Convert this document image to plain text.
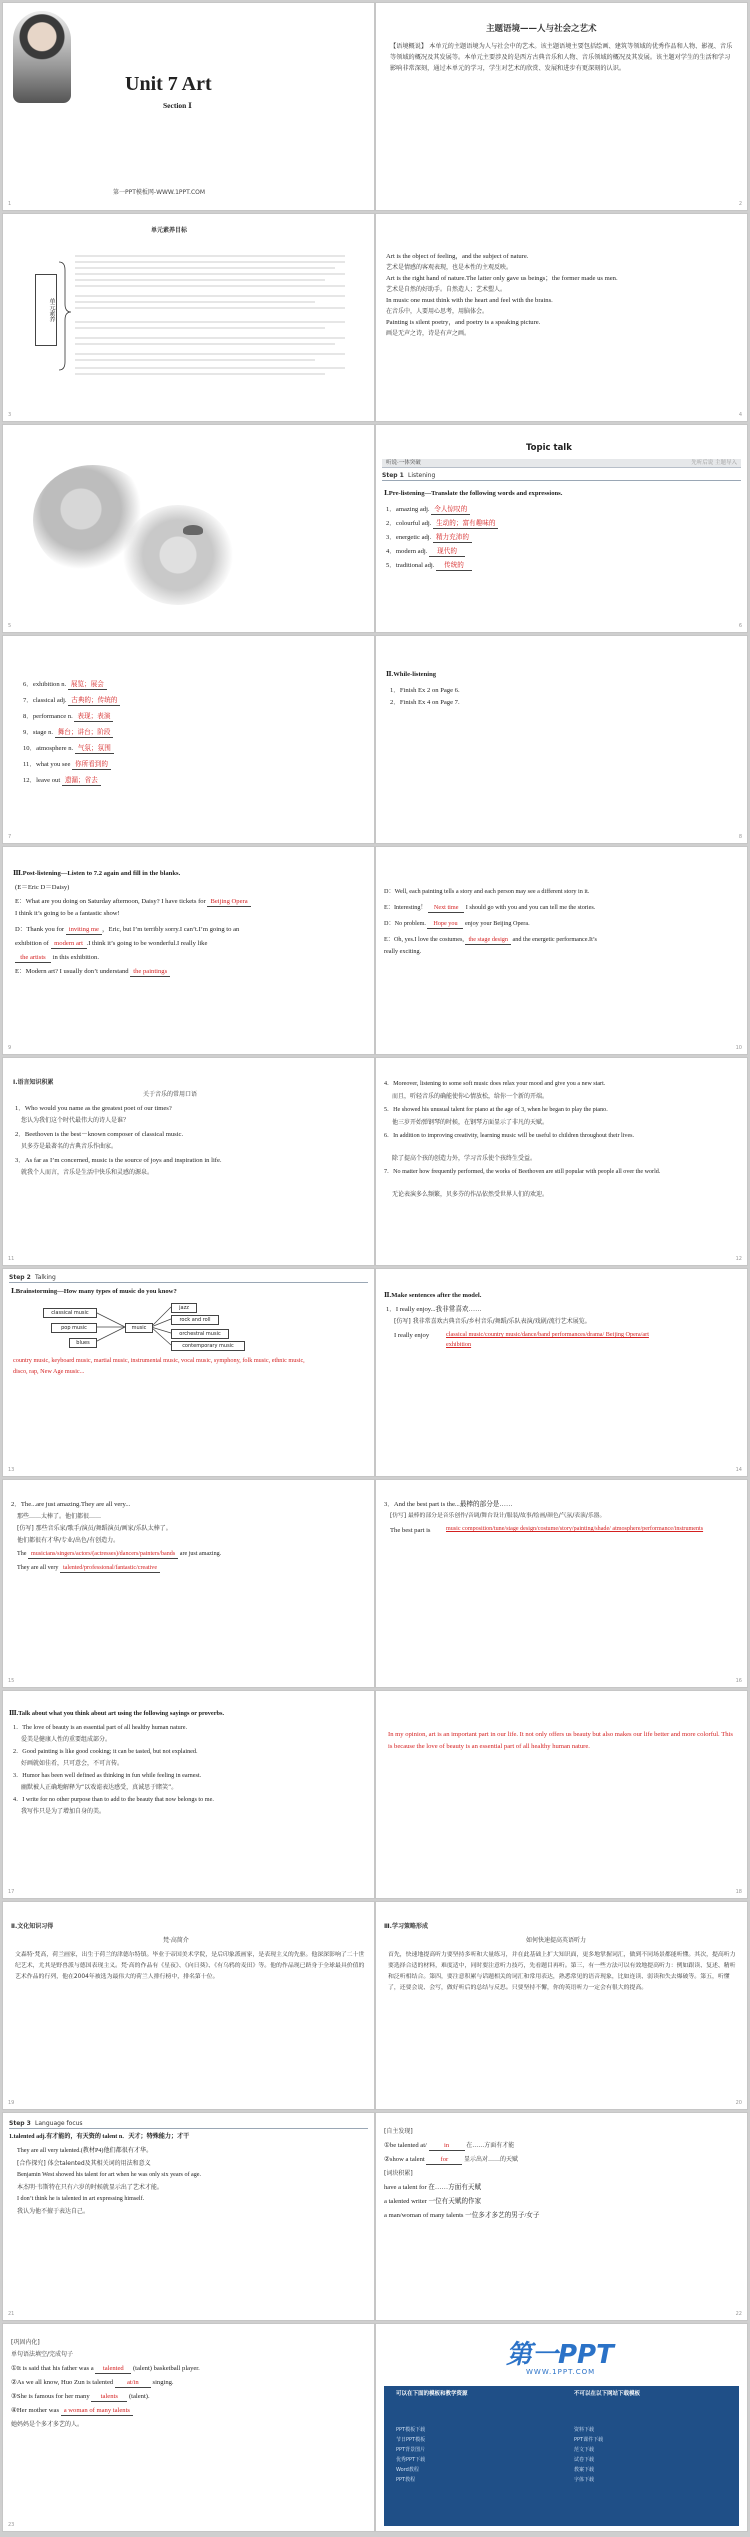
Unit 7 Art
Section Ⅰ
第一PPT模板网-WWW.1PPT.COM
1
主题语境——人与社会之艺术
【语境概说】 本单元的主题语境为人与社会中的艺术。该主题语境主要包括绘画、建筑等领域的优秀作品和人物、影视、音乐等领域的概况及其发展等。本单元主要涉及的是西方古典音乐和人物、音乐领域的概况及其发展。该主题对学生的生活和学习影响非常深刻，通过本单元的学习，学生对艺术的欣赏、发展和进步有更深刻的认识。
2
单元素养
单元素养目标
3
Art is the object of feeling，and the subject of nature.
艺术是情感的客观表现，也是本性的主观反映。
Art is the right hand of nature.The latter only gave us beings；the former made us men.
艺术是自然的好助手。自然造人；艺术塑人。
In music one must think with the heart and feel with the brains.
在音乐中，人要用心思考，用脑体会。
Painting is silent poetry，and poetry is a speaking picture.
画是无声之诗，诗是有声之画。
4
5
Topic talk
听说·一体突破	先听后说 主题导入
Step 1 Listening
Ⅰ.Pre-listening—Translate the following words and expressions.
1．amazing adj. 令人惊叹的
2．colourful adj. 生动的；富有趣味的
3．energetic adj. 精力充沛的
4．modern adj. 现代的
5．traditional adj. 传统的
6
6．exhibition n. 展览；展会
7．classical adj. 古典的；传统的
8．performance n. 表现；表演
9．stage n. 舞台；讲台；阶段
10．atmosphere n. 气氛；氛围
11．what you see 你所看到的
12．leave out 遗漏；省去
7
Ⅱ.While-listening
1．Finish Ex 2 on Page 6.
2．Finish Ex 4 on Page 7.
8
Ⅲ.Post-listening—Listen to 7.2 again and fill in the blanks.
(E＝Eric D＝Daisy)
E：What are you doing on Saturday afternoon, Daisy? I have tickets for Beijing Opera
I think it’s going to be a fantastic show!
D：Thank you for inviting me ，Eric, but I’m terribly sorry.I can’t.I’m going to an
exhibition of modern art .I think it’s going to be wonderful.I really like
the artists in this exhibition.
E：Modern art? I usually don’t understand the paintings
9
D：Well, each painting tells a story and each person may see a different story in it.
E：Interesting！ Next time I should go with you and you can tell me the stories.
D：No problem. Hope you enjoy your Beijing Opera.
E：Oh, yes.I love the costumes, the stage design and the energetic performance.It’s
really exciting.
10
Ⅰ.语言知识积累
关于音乐的常用口语
1．Who would you name as the greatest poet of our times?
您认为我们这个时代最伟大的诗人是谁？
2．Beethoven is the best－known composer of classical music.
贝多芬是最著名的古典音乐作曲家。
3．As far as I’m concerned, music is the source of joys and inspiration in life.
就我个人而言，音乐是生活中快乐和灵感的源泉。
11
4．Moreover, listening to some soft music does relax your mood and give you a new start.
而且，听轻音乐的确能使你心情放松，给你一个新的开端。
5．He showed his unusual talent for piano at the age of 3, when he began to play the piano.
他三岁开始弹钢琴的时候，在钢琴方面显示了非凡的天赋。
6．In addition to improving creativity, learning music will be useful to children throughout their lives.
除了提高个孩的创造力外，学习音乐使个孩终生受益。
7．No matter how frequently performed, the works of Beethoven are still popular with people all over the world.
无论表演多么频繁，贝多芬的作品依然受世界人们的欢迎。
12
Step 2 Talking
Ⅰ.Brainstorming—How many types of music do you know?
music
classical music
pop music
blues
jazz
rock and roll
orchestral music
contemporary music
country music, keyboard music, martial music, instrumental music, vocal music, symphony, folk music, ethnic music, disco, rap, New Age music...
13
Ⅱ.Make sentences after the model.
1．I really enjoy...我非常喜欢……
[仿写] 我非常喜欢古典音乐/乡村音乐/舞蹈/乐队表演/戏剧/流行艺术展览。
I really enjoy	classical music/country music/dance/band performances/drama/ Beijing Opera/art exhibition
14
2．The...are just amazing.They are all very...
那些……太棒了。他们都很……
[仿写] 那些音乐家/歌手/演员/舞蹈演员/画家/乐队太棒了。
他们都很有才华/专业/出色/有创造力。
The musicians/singers/actors/(actresses)/dancers/painters/bands are just amazing.
They are all very talented/professional/fantastic/creative
15
3．And the best part is the...最棒的部分是……
[仿写] 最棒的部分是音乐创作/音调/舞台设计/服装/故事/绘画/颜色/气氛/表演/乐器。
The best part is	music composition/tune/stage design/costume/story/painting/shade/ atmosphere/performance/instruments
16
Ⅲ.Talk about what you think about art using the following sayings or proverbs.
1．The love of beauty is an essential part of all healthy human nature.
爱美是健康人性的重要组成部分。
2．Good painting is like good cooking; it can be tasted, but not explained.
好画就如佳肴，只可意会，不可言传。
3．Humor has been well defined as thinking in fun while feeling in earnest.
幽默被人正确地解释为“以戏谑表达感受，真诚思于睹笑”。
4．I write for no other purpose than to add to the beauty that now belongs to me.
我写作只是为了增加自身的美。
17
In my opinion, art is an important part in our life. It not only offers us beauty but also makes our life better and more colorful. This is because the love of beauty is an essential part of all healthy human nature.
18
Ⅱ.文化知识习得
梵·高简介
文森特·梵高，荷兰画家，出生于荷兰的津德尔特镇。毕业于帝国美术学院，是后印象派画家，是表现主义的先驱。他深深影响了二十世纪艺术，尤其是野兽派与德国表现主义。梵·高的作品有《星夜》、《向日葵》、《有乌鸦的麦田》等。他的作品现已跻身于全球最具价值的艺术作品的行列，他在2004年被选为最伟大的荷兰人排行榜中，排名第十位。
19
Ⅲ.学习策略形成
如何快速提高英语听力
首先，快速地提高听力要坚持多听和大量练习，并在此基础上扩大知识面，更多地掌握词汇，做到不同场景都能听懂。其次，提高听力要选择合适的材料，难度适中，同时要注意听力技巧，先看题目再听。第三，有一些方法可以有效地提高听力：例如跟读、复述、精听和泛听相结合。第四，要注意积累与话题相关的词汇和常用表达，熟悉常见的语音现象，比如连读、弱读和失去爆破等。第五，听懂了，还要会说、会写，做好听后的总结与反思。只要坚持不懈，你的英语听力一定会有很大的提高。
20
Step 3 Language focus
1.talented adj.有才能的，有天资的 talent n．天才；特殊能力；才干
They are all very talented.(教材P4)他们都很有才华。
[合作探究] 体会talented及其相关词的用法和意义
Benjamin West showed his talent for art when he was only six years of age.
本杰明·韦斯特在只有六岁的时候就显示出了艺术才能。
I don’t think he is talented in art expressing himself.
我认为他不擅于表达自己。
21
[自主发现]
①be talented at/	in	在……方面有才能
②show a talent for	显示出对……的天赋
[词块积累]
have a talent for 在……方面有天赋
a talented writer 一位有天赋的作家
a man/woman of many talents 一位多才多艺的男子/女子
22
[巩固内化]
单句语法填空/完成句子
①It is said that his father was a talented (talent) basketball player.
②As we all know, Huo Zun is talented at/in singing.
③She is famous for her many talents (talent).
④Her mother was a woman of many talents
她妈妈是个多才多艺的人。
23
第一PPT
WWW.1PPT.COM
可以在下面的模板和教学资源	不可以在以下网站下载模板
PPT模板下载
节日PPT模板
PPT背景图片
优秀PPT下载
Word教程
PPT教程
资料下载
PPT课件下载
范文下载
试卷下载
教案下载
字体下载
